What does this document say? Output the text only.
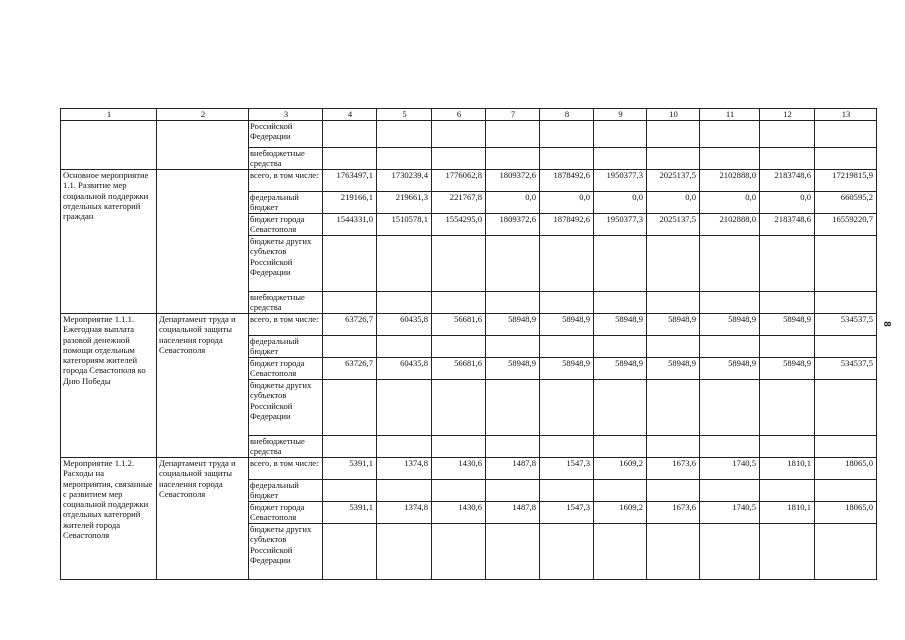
1	2	3	4	5	6	7	8	9	10	11	12	13
		Российской Федерации										
		внебюджетные средства										
Основное мероприятие 1.1. Развитие мер социальной поддержки отдельных категорий граждан		всего, в том числе:	1763497,1	1730239,4	1776062,8	1809372,6	1878492,6	1950377,3	2025137,5	2102888,0	2183748,6	17219815,9
		федеральный бюджет	219166,1	219661,3	221767,8	0,0	0,0	0,0	0,0	0,0	0,0	660595,2
		бюджет города Севастополя	1544331,0	1510578,1	1554295,0	1809372,6	1878492,6	1950377,3	2025137,5	2102888,0	2183748,6	16559220,7
		бюджеты других субъектов Российской Федерации										
		внебюджетные средства										
Мероприятие 1.1.1. Ежегодная выплата разовой денежной помощи отдельным категориям жителей города Севастополя ко Дню Победы	Департамент труда и социальной защиты населения города Севастополя	всего, в том числе:	63726,7	60435,8	56681,6	58948,9	58948,9	58948,9	58948,9	58948,9	58948,9	534537,5
		федеральный бюджет										
		бюджет города Севастополя	63726,7	60435,8	56681,6	58948,9	58948,9	58948,9	58948,9	58948,9	58948,9	534537,5
		бюджеты других субъектов Российской Федерации										
		внебюджетные средства										
Мероприятие 1.1.2. Расходы на мероприятия, связанные с развитием мер социальной поддержки отдельных категорий жителей города Севастополя	Департамент труда и социальной защиты населения города Севастополя	всего, в том числе:	5391,1	1374,8	1430,6	1487,8	1547,3	1609,2	1673,6	1740,5	1810,1	18065,0
		федеральный бюджет										
		бюджет города Севастополя	5391,1	1374,8	1430,6	1487,8	1547,3	1609,2	1673,6	1740,5	1810,1	18065,0
		бюджеты других субъектов Российской Федерации										
8
